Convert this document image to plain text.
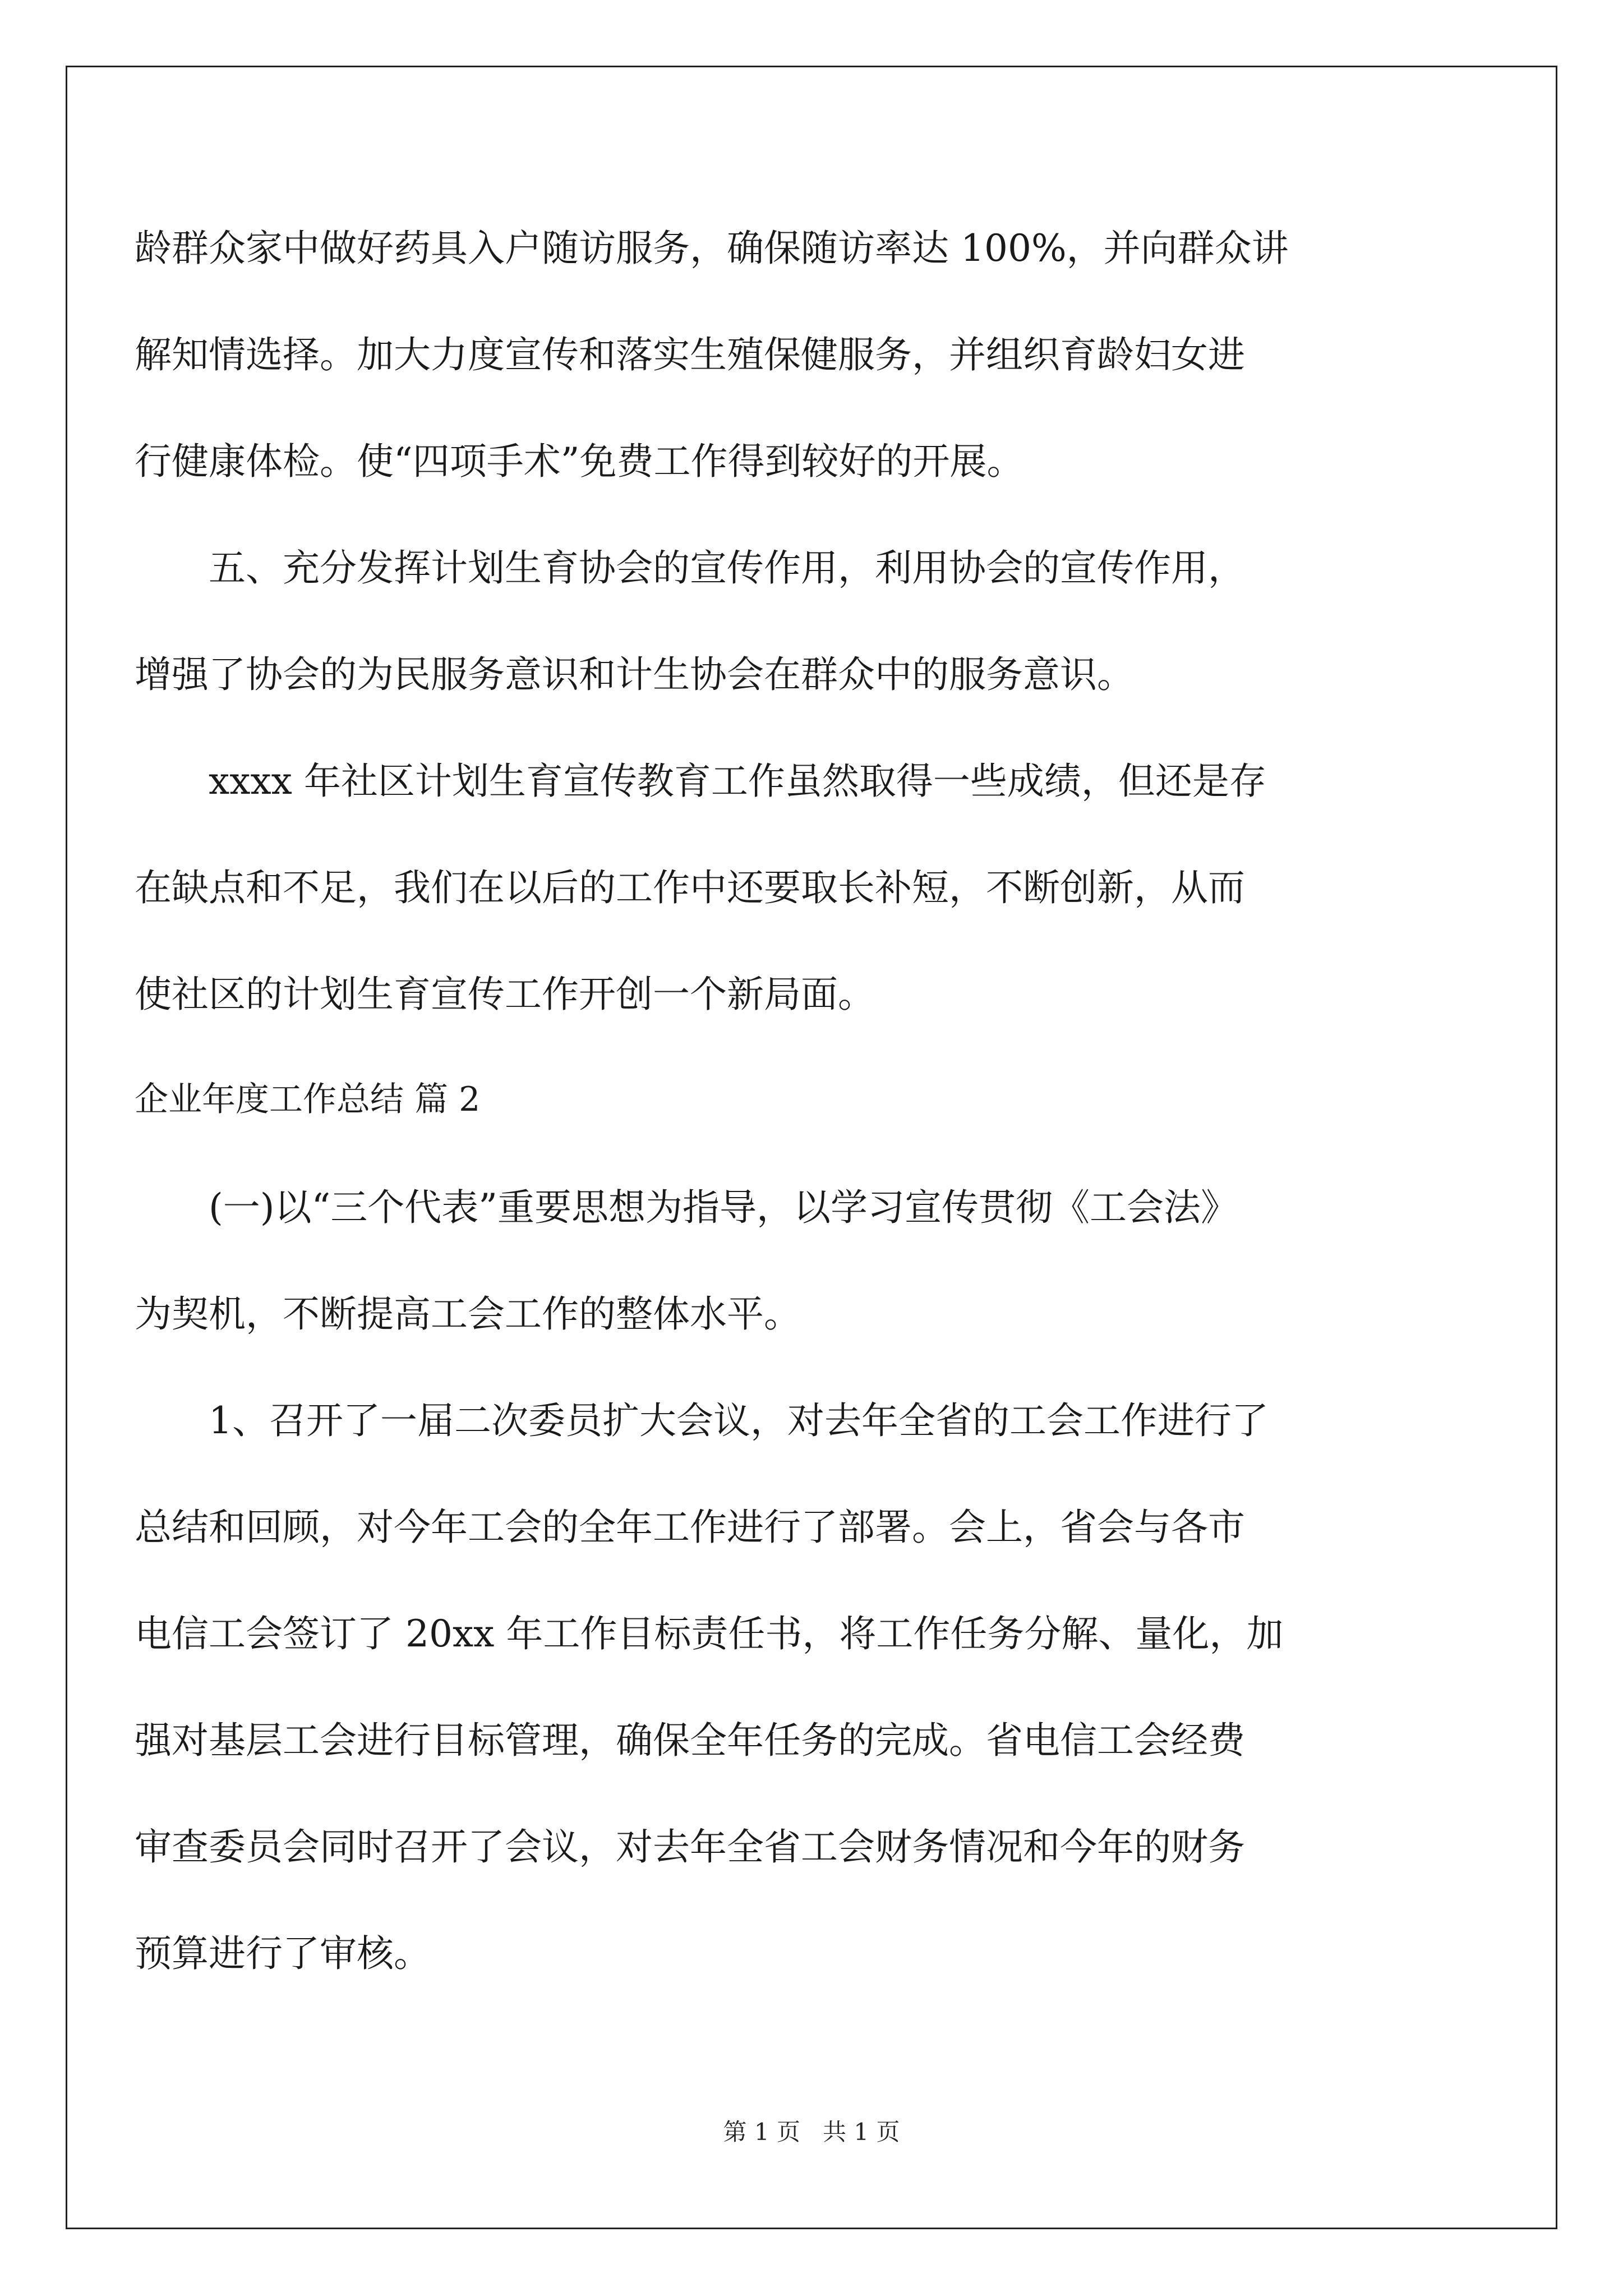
龄群众家中做好药具入户随访服务，确保随访率达 100%，并向群众讲
解知情选择。加大力度宣传和落实生殖保健服务，并组织育龄妇女进
行健康体检。使“四项手术”免费工作得到较好的开展。
五、充分发挥计划生育协会的宣传作用，利用协会的宣传作用，
增强了协会的为民服务意识和计生协会在群众中的服务意识。
xxxx 年社区计划生育宣传教育工作虽然取得一些成绩，但还是存
在缺点和不足，我们在以后的工作中还要取长补短，不断创新，从而
使社区的计划生育宣传工作开创一个新局面。
企业年度工作总结 篇 2
(一)以“三个代表”重要思想为指导，以学习宣传贯彻《工会法》
为契机，不断提高工会工作的整体水平。
1、召开了一届二次委员扩大会议，对去年全省的工会工作进行了
总结和回顾，对今年工会的全年工作进行了部署。会上，省会与各市
电信工会签订了 20xx 年工作目标责任书，将工作任务分解、量化，加
强对基层工会进行目标管理，确保全年任务的完成。省电信工会经费
审查委员会同时召开了会议，对去年全省工会财务情况和今年的财务
预算进行了审核。
第 1 页   共 1 页
